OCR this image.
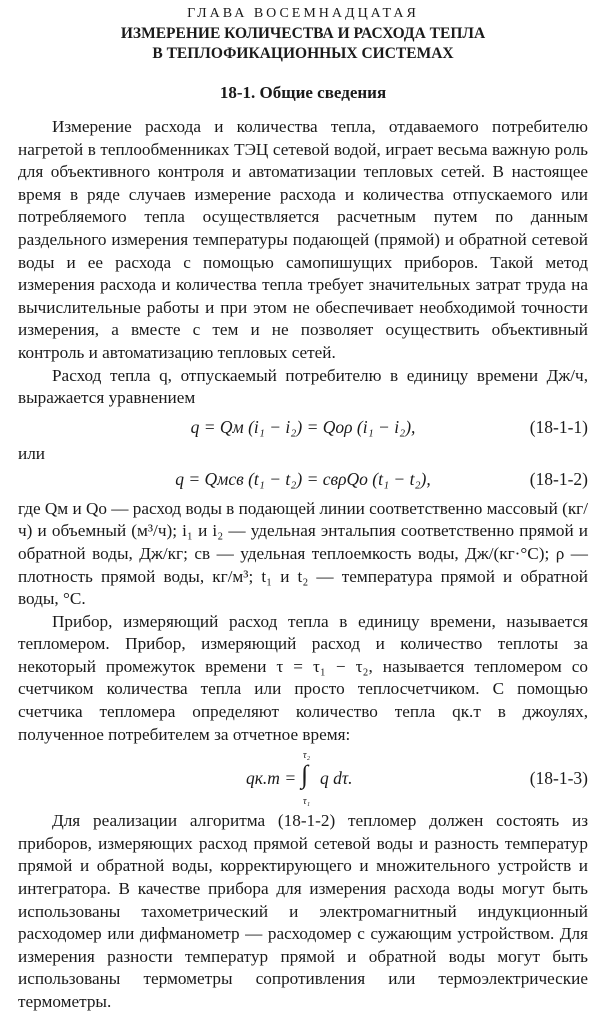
ГЛАВА ВОСЕМНАДЦАТАЯ

ИЗМЕРЕНИЕ КОЛИЧЕСТВА И РАСХОДА ТЕПЛА

В ТЕПЛОФИКАЦИОННЫХ СИСТЕМАХ

18-1. Общие сведения

Измерение расхода и количества тепла, отдаваемого потребителю нагретой в теплообменниках ТЭЦ сетевой водой, играет весьма важную роль для объективного контроля и автоматизации тепловых сетей. В настоящее время в ряде случаев измерение расхода и количества отпускаемого или потребляемого тепла осуществляется расчетным путем по данным раздельного измерения температуры подающей (прямой) и обратной сетевой воды и ее расхода с помощью самопишущих приборов. Такой метод измерения расхода и количества тепла требует значительных затрат труда на вычислительные работы и при этом не обеспечивает необходимой точности измерения, а вместе с тем и не позволяет осуществить объективный контроль и автоматизацию тепловых сетей.

Расход тепла q, отпускаемый потребителю в единицу времени Дж/ч, выражается уравнением

q = Qм (i₁ − i₂) = Qоρ (i₁ − i₂),	(18-1-1)

или

q = Qмcв (t₁ − t₂) = cвρQо (t₁ − t₂),	(18-1-2)

где Qм и Qо — расход воды в подающей линии соответственно массовый (кг/ч) и объемный (м³/ч); i₁ и i₂ — удельная энтальпия соответственно прямой и обратной воды, Дж/кг; cв — удельная теплоемкость воды, Дж/(кг·°С); ρ — плотность прямой воды, кг/м³; t₁ и t₂ — температура прямой и обратной воды, °С.

Прибор, измеряющий расход тепла в единицу времени, называется тепломером. Прибор, измеряющий расход и количество теплоты за некоторый промежуток времени τ = τ₁ − τ₂, называется тепломером со счетчиком количества тепла или просто теплосчетчиком. С помощью счетчика тепломера определяют количество тепла qк.т в джоулях, полученное потребителем за отчетное время:

qк.т =
τ₂
∫
τ₁
q dτ.	(18-1-3)

Для реализации алгоритма (18-1-2) тепломер должен состоять из приборов, измеряющих расход прямой сетевой воды и разность температур прямой и обратной воды, корректирующего и множительного устройств и интегратора. В качестве прибора для измерения расхода воды могут быть использованы тахометрический и электромагнитный индукционный расходомер или дифманометр — расходомер с сужающим устройством. Для измерения разности температур прямой и обратной воды могут быть использованы термометры сопротивления или термоэлектрические термометры.
